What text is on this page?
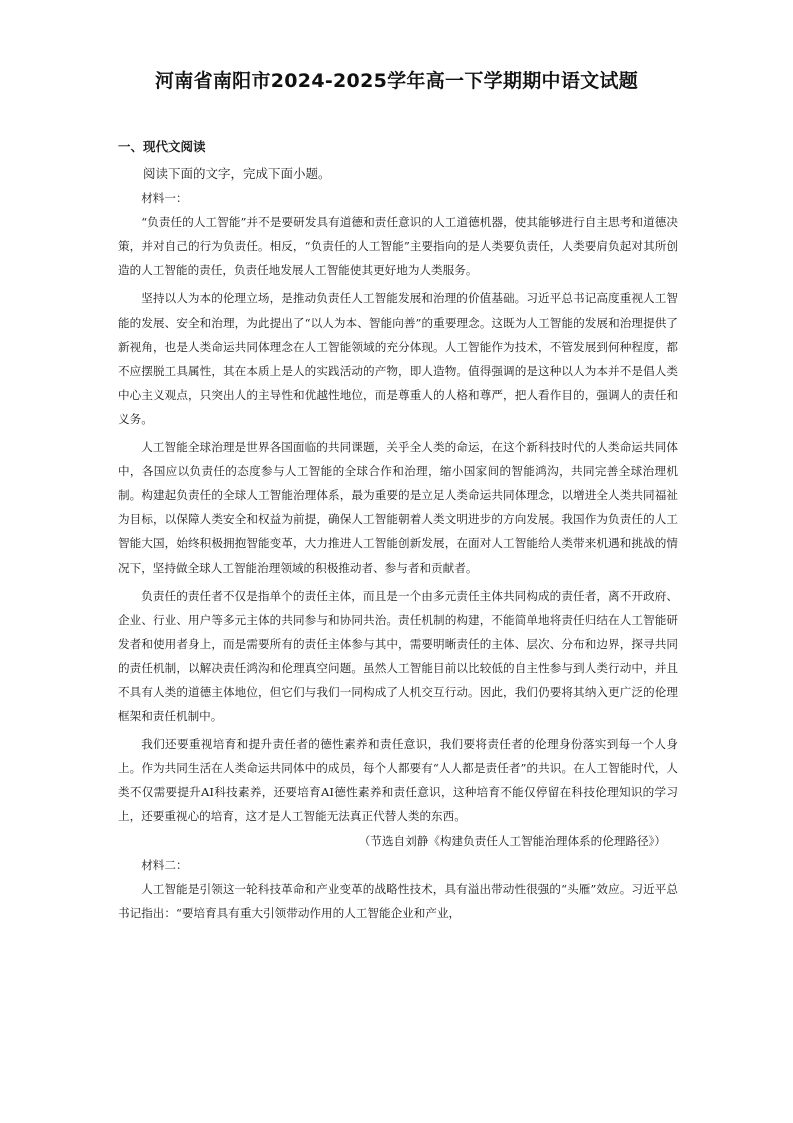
河南省南阳市2024-2025学年高一下学期期中语文试题
一、现代文阅读

阅读下面的文字，完成下面小题。

材料一：

“负责任的人工智能”并不是要研发具有道德和责任意识的人工道德机器，使其能够进行自主思考和道德决策，并对自己的行为负责任。相反，“负责任的人工智能”主要指向的是人类要负责任，人类要肩负起对其所创造的人工智能的责任，负责任地发展人工智能使其更好地为人类服务。

坚持以人为本的伦理立场，是推动负责任人工智能发展和治理的价值基础。习近平总书记高度重视人工智能的发展、安全和治理，为此提出了“以人为本、智能向善”的重要理念。这既为人工智能的发展和治理提供了新视角，也是人类命运共同体理念在人工智能领域的充分体现。人工智能作为技术，不管发展到何种程度，都不应摆脱工具属性，其在本质上是人的实践活动的产物，即人造物。值得强调的是这种以人为本并不是倡人类中心主义观点，只突出人的主导性和优越性地位，而是尊重人的人格和尊严，把人看作目的，强调人的责任和义务。

人工智能全球治理是世界各国面临的共同课题，关乎全人类的命运，在这个新科技时代的人类命运共同体中，各国应以负责任的态度参与人工智能的全球合作和治理，缩小国家间的智能鸿沟，共同完善全球治理机制。构建起负责任的全球人工智能治理体系，最为重要的是立足人类命运共同体理念，以增进全人类共同福祉为目标，以保障人类安全和权益为前提，确保人工智能朝着人类文明进步的方向发展。我国作为负责任的人工智能大国，始终积极拥抱智能变革，大力推进人工智能创新发展，在面对人工智能给人类带来机遇和挑战的情况下，坚持做全球人工智能治理领域的积极推动者、参与者和贡献者。

负责任的责任者不仅是指单个的责任主体，而且是一个由多元责任主体共同构成的责任者，离不开政府、企业、行业、用户等多元主体的共同参与和协同共治。责任机制的构建，不能简单地将责任归结在人工智能研发者和使用者身上，而是需要所有的责任主体参与其中，需要明晰责任的主体、层次、分布和边界，探寻共同的责任机制，以解决责任鸿沟和伦理真空问题。虽然人工智能目前以比较低的自主性参与到人类行动中，并且不具有人类的道德主体地位，但它们与我们一同构成了人机交互行动。因此，我们仍要将其纳入更广泛的伦理框架和责任机制中。

我们还要重视培育和提升责任者的德性素养和责任意识，我们要将责任者的伦理身份落实到每一个人身上。作为共同生活在人类命运共同体中的成员，每个人都要有“人人都是责任者”的共识。在人工智能时代，人类不仅需要提升AI科技素养，还要培育AI德性素养和责任意识，这种培育不能仅停留在科技伦理知识的学习上，还要重视心的培育，这才是人工智能无法真正代替人类的东西。

（节选自刘静《构建负责任人工智能治理体系的伦理路径》）

材料二：

人工智能是引领这一轮科技革命和产业变革的战略性技术，具有溢出带动性很强的“头雁”效应。习近平总书记指出：“要培育具有重大引领带动作用的人工智能企业和产业，
